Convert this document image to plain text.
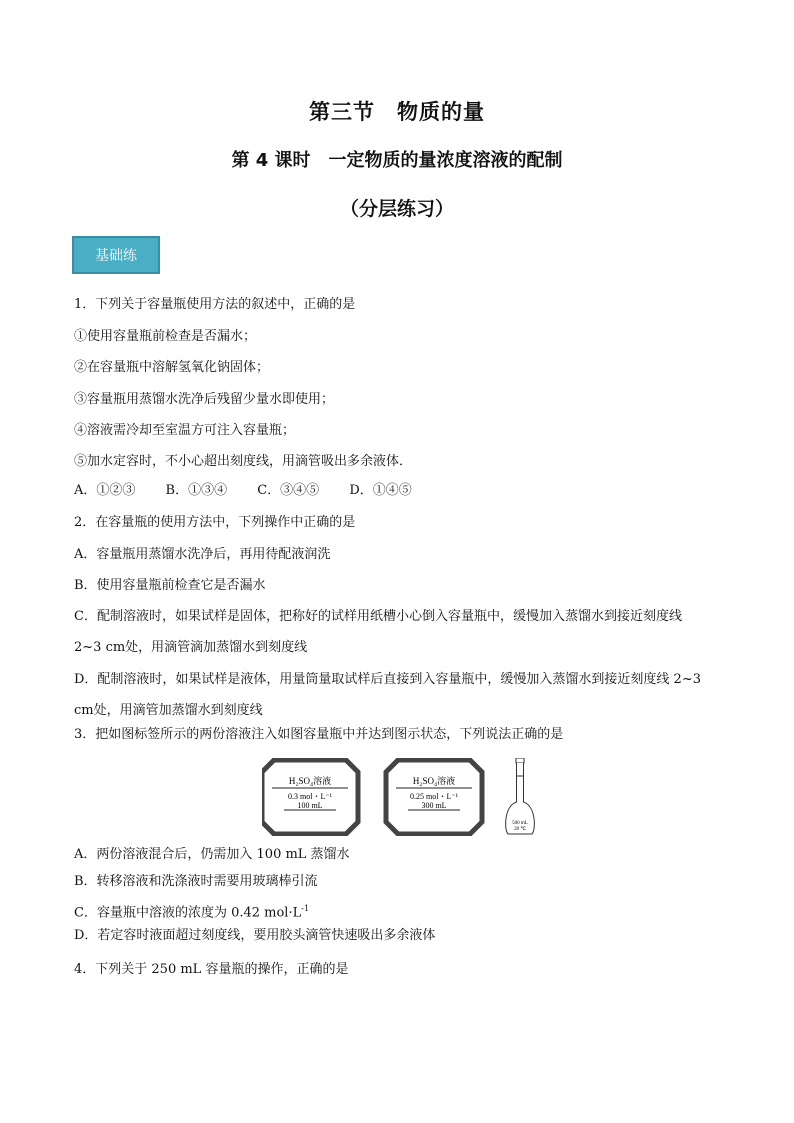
第三节　物质的量
第 4 课时　一定物质的量浓度溶液的配制
（分层练习）
基础练
1．下列关于容量瓶使用方法的叙述中，正确的是
①使用容量瓶前检查是否漏水；
②在容量瓶中溶解氢氧化钠固体；
③容量瓶用蒸馏水洗净后残留少量水即使用；
④溶液需冷却至室温方可注入容量瓶；
⑤加水定容时，不小心超出刻度线，用滴管吸出多余液体．
A．①②③ B．①③④ C．③④⑤ D．①④⑤
2．在容量瓶的使用方法中，下列操作中正确的是
A．容量瓶用蒸馏水洗净后，再用待配液润洗
B．使用容量瓶前检查它是否漏水
C．配制溶液时，如果试样是固体，把称好的试样用纸槽小心倒入容量瓶中，缓慢加入蒸馏水到接近刻度线
2~3 cm处，用滴管滴加蒸馏水到刻度线
D．配制溶液时，如果试样是液体，用量筒量取试样后直接到入容量瓶中，缓慢加入蒸馏水到接近刻度线 2~3
cm处，用滴管加蒸馏水到刻度线
3．把如图标签所示的两份溶液注入如图容量瓶中并达到图示状态，下列说法正确的是
H₂SO₄溶液
0.3 mol・L⁻¹
100 mL
H₂SO₄溶液
0.25 mol・L⁻¹
300 mL
500 mL
20 ℃
A．两份溶液混合后，仍需加入 100 mL 蒸馏水
B．转移溶液和洗涤液时需要用玻璃棒引流
C．容量瓶中溶液的浓度为 0.42 $mol\cdot L^{-1}$
D．若定容时液面超过刻度线，要用胶头滴管快速吸出多余液体
4．下列关于 250 mL 容量瓶的操作，正确的是
